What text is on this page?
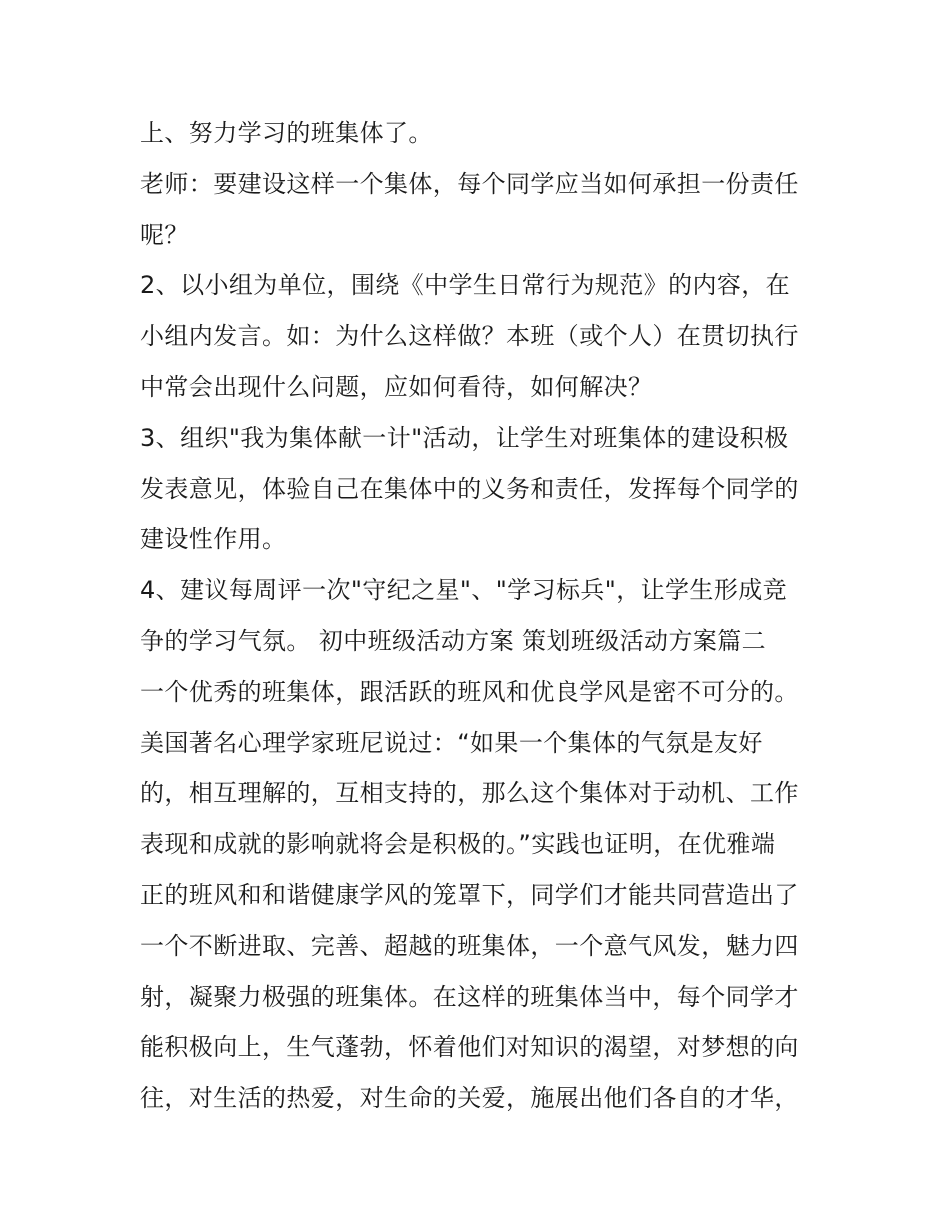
上、努力学习的班集体了。
老师：要建设这样一个集体，每个同学应当如何承担一份责任
呢？
2、以小组为单位，围绕《中学生日常行为规范》的内容，在
小组内发言。如：为什么这样做？本班（或个人）在贯切执行
中常会出现什么问题，应如何看待，如何解决？
3、组织"我为集体献一计"活动，让学生对班集体的建设积极
发表意见，体验自己在集体中的义务和责任，发挥每个同学的
建设性作用。
4、建议每周评一次"守纪之星"、"学习标兵"，让学生形成竞
争的学习气氛。 初中班级活动方案 策划班级活动方案篇二
一个优秀的班集体，跟活跃的班风和优良学风是密不可分的。
美国著名心理学家班尼说过：“如果一个集体的气氛是友好
的，相互理解的，互相支持的，那么这个集体对于动机、工作
表现和成就的影响就将会是积极的。”实践也证明，在优雅端
正的班风和和谐健康学风的笼罩下，同学们才能共同营造出了
一个不断进取、完善、超越的班集体，一个意气风发，魅力四
射，凝聚力极强的班集体。在这样的班集体当中，每个同学才
能积极向上，生气蓬勃，怀着他们对知识的渴望，对梦想的向
往，对生活的热爱，对生命的关爱，施展出他们各自的才华，
